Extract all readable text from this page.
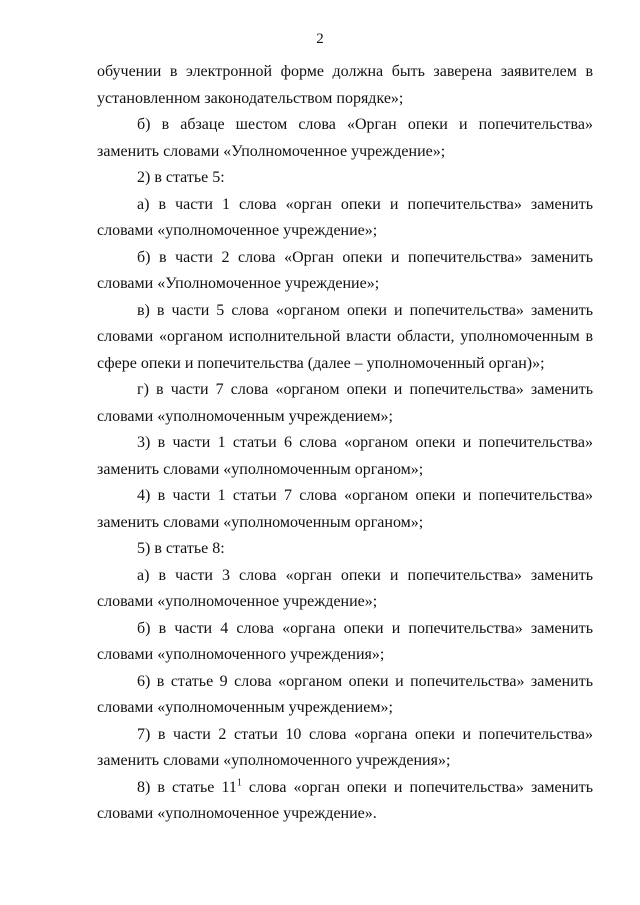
2

обучении в электронной форме должна быть заверена заявителем в установленном законодательством порядке»;

б) в абзаце шестом слова «Орган опеки и попечительства» заменить словами «Уполномоченное учреждение»;

2) в статье 5:

а) в части 1 слова «орган опеки и попечительства» заменить словами «уполномоченное учреждение»;

б) в части 2 слова «Орган опеки и попечительства» заменить словами «Уполномоченное учреждение»;

в) в части 5 слова «органом опеки и попечительства» заменить словами «органом исполнительной власти области, уполномоченным в сфере опеки и попечительства (далее – уполномоченный орган)»;

г) в части 7 слова «органом опеки и попечительства» заменить словами «уполномоченным учреждением»;

3) в части 1 статьи 6 слова «органом опеки и попечительства» заменить словами «уполномоченным органом»;

4) в части 1 статьи 7 слова «органом опеки и попечительства» заменить словами «уполномоченным органом»;

5) в статье 8:

а) в части 3 слова «орган опеки и попечительства» заменить словами «уполномоченное учреждение»;

б) в части 4 слова «органа опеки и попечительства» заменить словами «уполномоченного учреждения»;

6) в статье 9 слова «органом опеки и попечительства» заменить словами «уполномоченным учреждением»;

7) в части 2 статьи 10 слова «органа опеки и попечительства» заменить словами «уполномоченного учреждения»;

8) в статье $11^1$ слова «орган опеки и попечительства» заменить словами «уполномоченное учреждение».
